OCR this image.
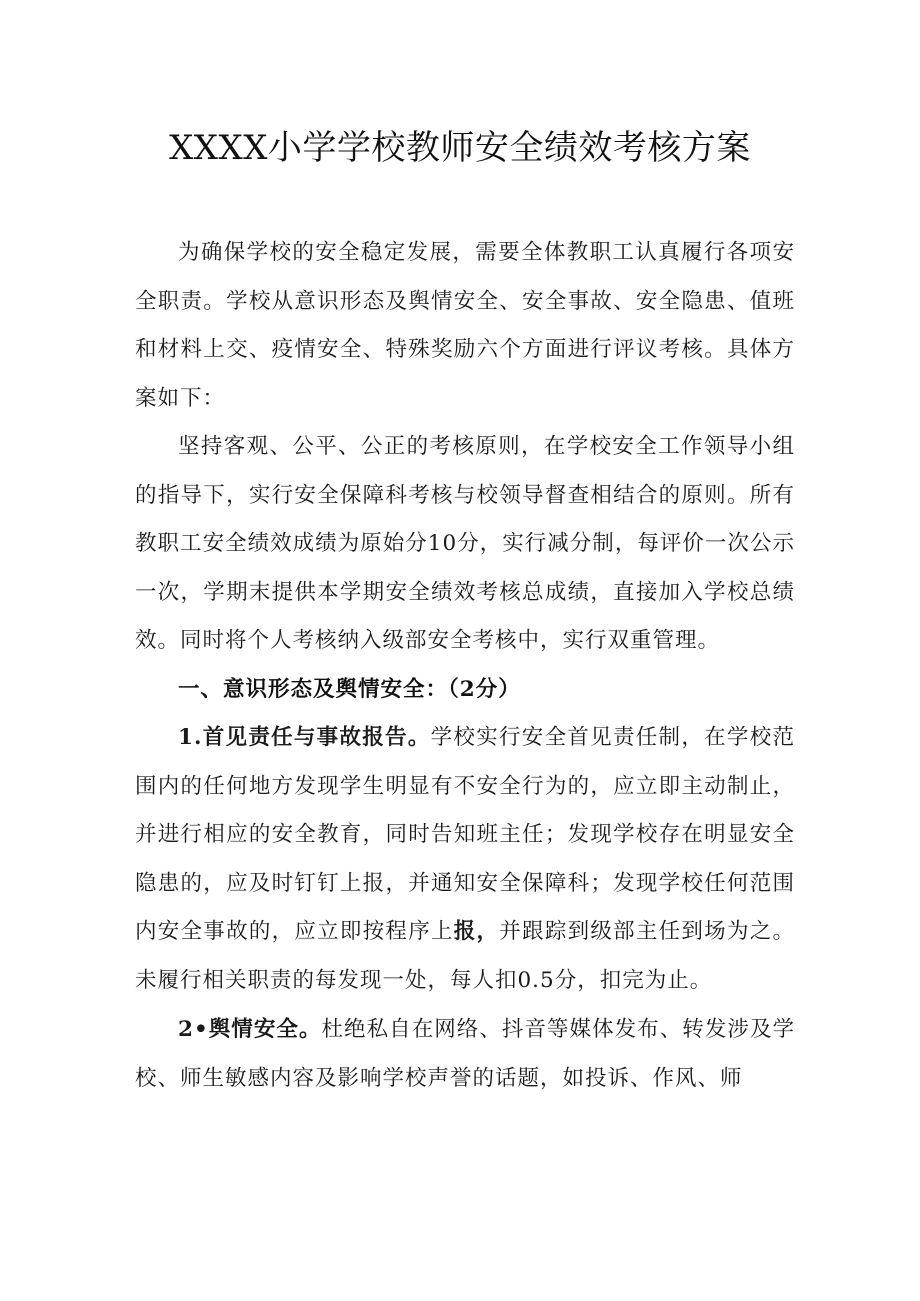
XXXX小学学校教师安全绩效考核方案

为确保学校的安全稳定发展，需要全体教职工认真履行各项安全职责。学校从意识形态及舆情安全、安全事故、安全隐患、值班和材料上交、疫情安全、特殊奖励六个方面进行评议考核。具体方案如下：

坚持客观、公平、公正的考核原则，在学校安全工作领导小组的指导下，实行安全保障科考核与校领导督查相结合的原则。所有教职工安全绩效成绩为原始分10分，实行减分制，每评价一次公示一次，学期末提供本学期安全绩效考核总成绩，直接加入学校总绩效。同时将个人考核纳入级部安全考核中，实行双重管理。

一、意识形态及舆情安全：（2分）

1.首见责任与事故报告。学校实行安全首见责任制，在学校范围内的任何地方发现学生明显有不安全行为的，应立即主动制止，并进行相应的安全教育，同时告知班主任；发现学校存在明显安全隐患的，应及时钉钉上报，并通知安全保障科；发现学校任何范围内安全事故的，应立即按程序上报，并跟踪到级部主任到场为之。未履行相关职责的每发现一处，每人扣0.5分，扣完为止。

2•舆情安全。杜绝私自在网络、抖音等媒体发布、转发涉及学校、师生敏感内容及影响学校声誉的话题，如投诉、作风、师
